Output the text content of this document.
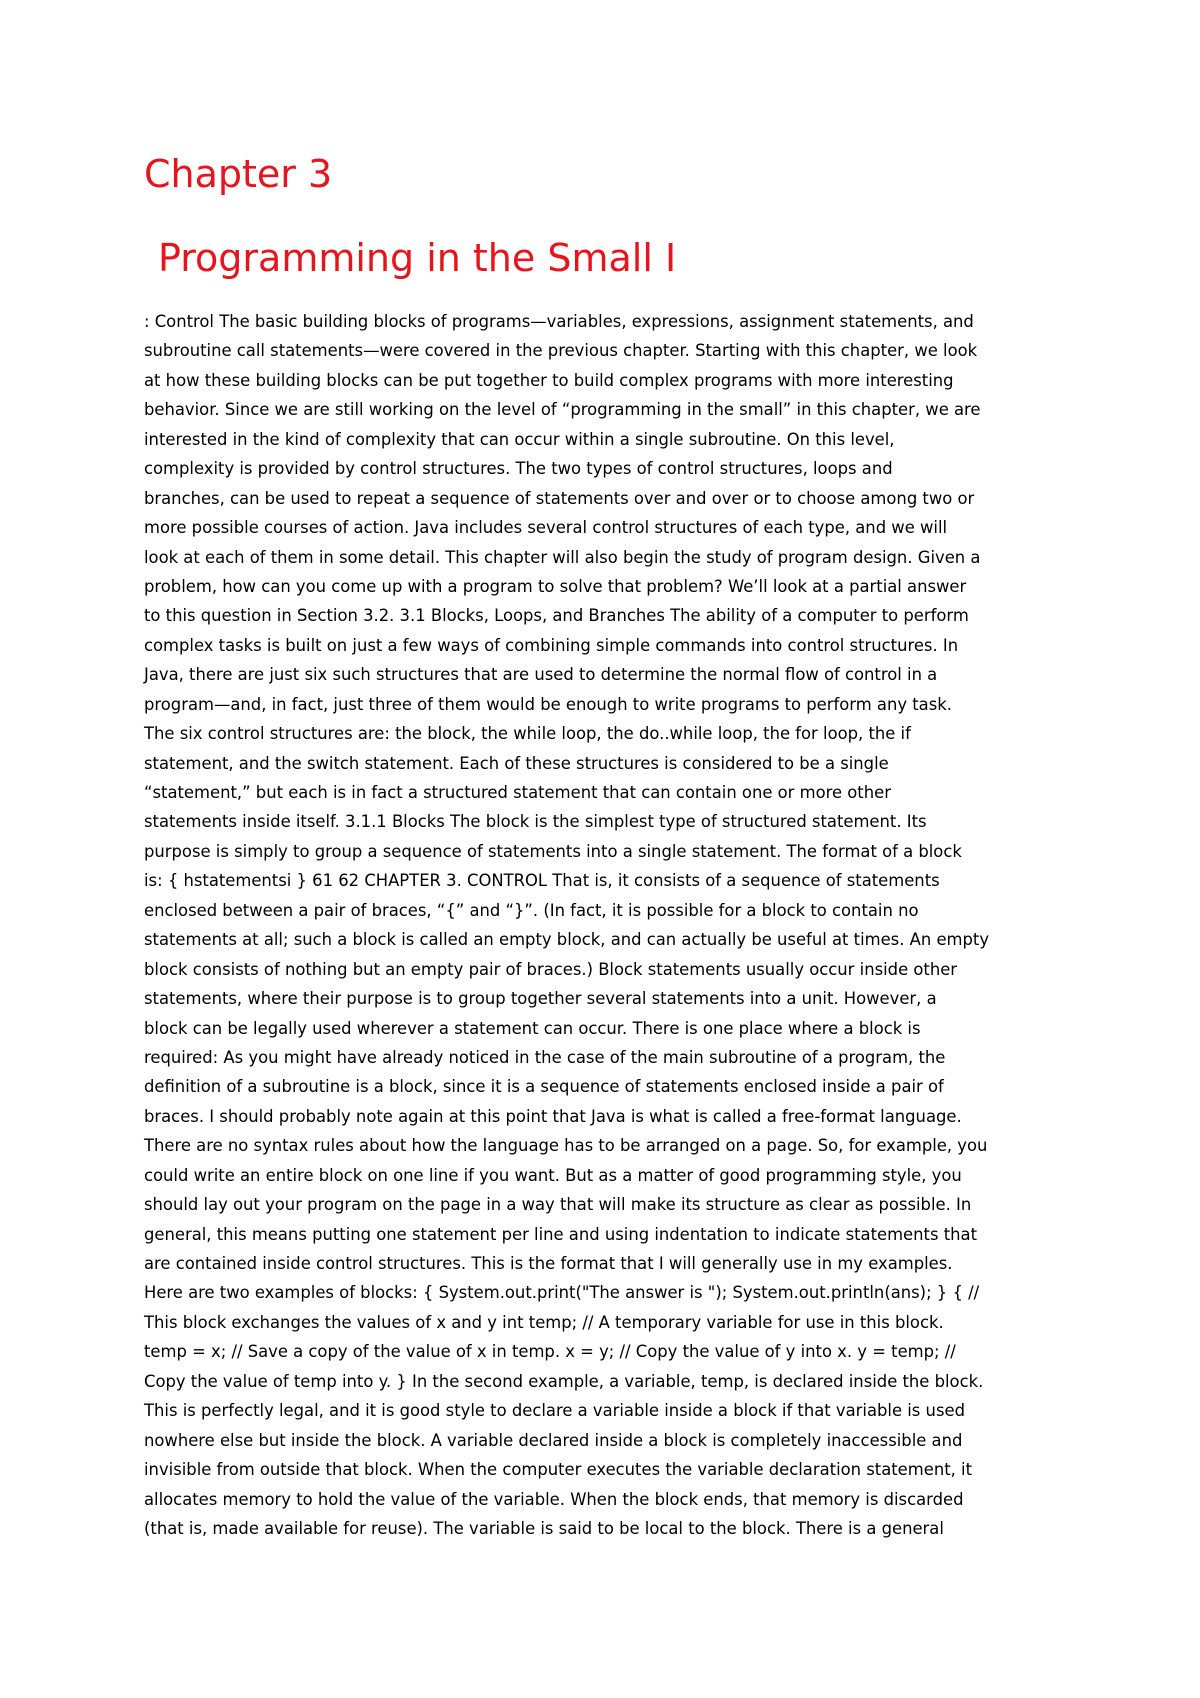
Chapter 3
Programming in the Small I
: Control The basic building blocks of programs—variables, expressions, assignment statements, and
subroutine call statements—were covered in the previous chapter. Starting with this chapter, we look
at how these building blocks can be put together to build complex programs with more interesting
behavior. Since we are still working on the level of “programming in the small” in this chapter, we are
interested in the kind of complexity that can occur within a single subroutine. On this level,
complexity is provided by control structures. The two types of control structures, loops and
branches, can be used to repeat a sequence of statements over and over or to choose among two or
more possible courses of action. Java includes several control structures of each type, and we will
look at each of them in some detail. This chapter will also begin the study of program design. Given a
problem, how can you come up with a program to solve that problem? We’ll look at a partial answer
to this question in Section 3.2. 3.1 Blocks, Loops, and Branches The ability of a computer to perform
complex tasks is built on just a few ways of combining simple commands into control structures. In
Java, there are just six such structures that are used to determine the normal flow of control in a
program—and, in fact, just three of them would be enough to write programs to perform any task.
The six control structures are: the block, the while loop, the do..while loop, the for loop, the if
statement, and the switch statement. Each of these structures is considered to be a single
“statement,” but each is in fact a structured statement that can contain one or more other
statements inside itself. 3.1.1 Blocks The block is the simplest type of structured statement. Its
purpose is simply to group a sequence of statements into a single statement. The format of a block
is: { hstatementsi } 61 62 CHAPTER 3. CONTROL That is, it consists of a sequence of statements
enclosed between a pair of braces, “{” and “}”. (In fact, it is possible for a block to contain no
statements at all; such a block is called an empty block, and can actually be useful at times. An empty
block consists of nothing but an empty pair of braces.) Block statements usually occur inside other
statements, where their purpose is to group together several statements into a unit. However, a
block can be legally used wherever a statement can occur. There is one place where a block is
required: As you might have already noticed in the case of the main subroutine of a program, the
definition of a subroutine is a block, since it is a sequence of statements enclosed inside a pair of
braces. I should probably note again at this point that Java is what is called a free-format language.
There are no syntax rules about how the language has to be arranged on a page. So, for example, you
could write an entire block on one line if you want. But as a matter of good programming style, you
should lay out your program on the page in a way that will make its structure as clear as possible. In
general, this means putting one statement per line and using indentation to indicate statements that
are contained inside control structures. This is the format that I will generally use in my examples.
Here are two examples of blocks: { System.out.print("The answer is "); System.out.println(ans); } { //
This block exchanges the values of x and y int temp; // A temporary variable for use in this block.
temp = x; // Save a copy of the value of x in temp. x = y; // Copy the value of y into x. y = temp; //
Copy the value of temp into y. } In the second example, a variable, temp, is declared inside the block.
This is perfectly legal, and it is good style to declare a variable inside a block if that variable is used
nowhere else but inside the block. A variable declared inside a block is completely inaccessible and
invisible from outside that block. When the computer executes the variable declaration statement, it
allocates memory to hold the value of the variable. When the block ends, that memory is discarded
(that is, made available for reuse). The variable is said to be local to the block. There is a general
